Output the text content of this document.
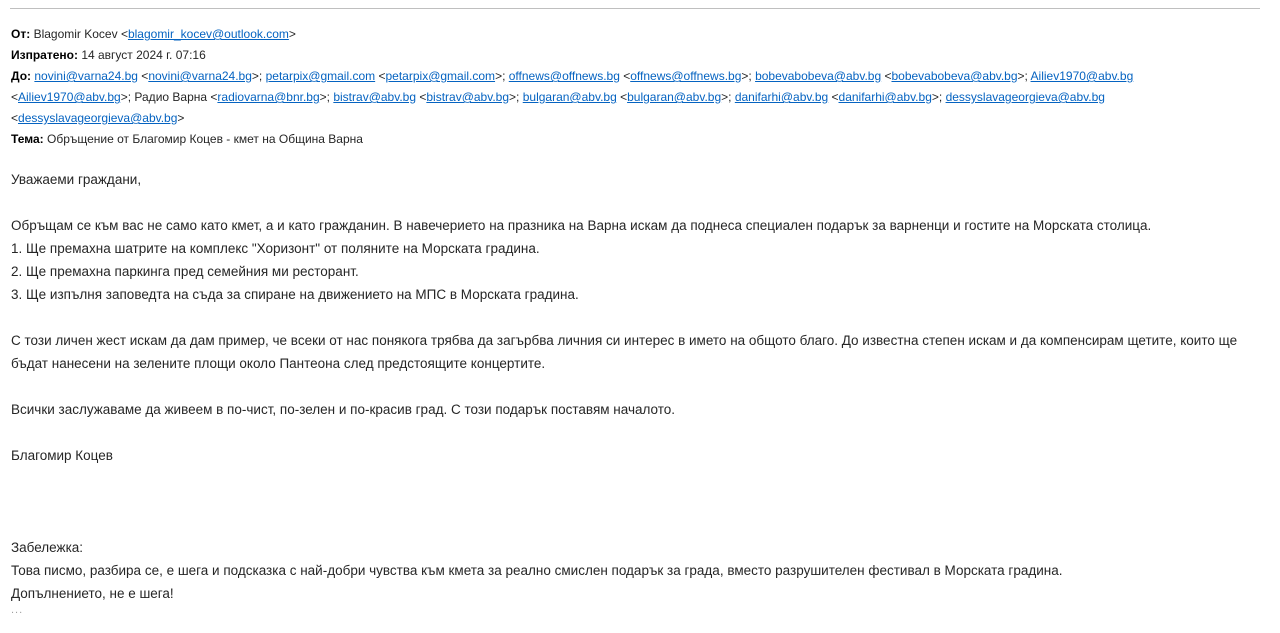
От: Blagomir Kocev <blagomir_kocev@outlook.com>
Изпратено: 14 август 2024 г. 07:16
До: novini@varna24.bg <novini@varna24.bg>; petarpix@gmail.com <petarpix@gmail.com>; offnews@offnews.bg <offnews@offnews.bg>; bobevabobeva@abv.bg <bobevabobeva@abv.bg>; Ailiev1970@abv.bg
<Ailiev1970@abv.bg>; Радио Варна <radiovarna@bnr.bg>; bistrav@abv.bg <bistrav@abv.bg>; bulgaran@abv.bg <bulgaran@abv.bg>; danifarhi@abv.bg <danifarhi@abv.bg>; dessyslavageorgieva@abv.bg
<dessyslavageorgieva@abv.bg>
Тема: Обръщение от Благомир Коцев - кмет на Община Варна

Уважаеми граждани,

Обръщам се към вас не само като кмет, а и като гражданин. В навечерието на празника на Варна искам да поднеса специален подарък за варненци и гостите на Морската столица.

1. Ще премахна шатрите на комплекс "Хоризонт" от поляните на Морската градина.

2. Ще премахна паркинга пред семейния ми ресторант.

3. Ще изпълня заповедта на съда за спиране на движението на МПС в Морската градина.

С този личен жест искам да дам пример, че всеки от нас понякога трябва да загърбва личния си интерес в името на общото благо. До известна степен искам и да компенсирам щетите, които ще

бъдат нанесени на зелените площи около Пантеона след предстоящите концертите.

Всички заслужаваме да живеем в по-чист, по-зелен и по-красив град. С този подарък поставям началото.

Благомир Коцев

Забележка:

Това писмо, разбира се, е шега и подсказка с най-добри чувства към кмета за реално смислен подарък за града, вместо разрушителен фестивал в Морската градина.

Допълнението, не е шега!

...
